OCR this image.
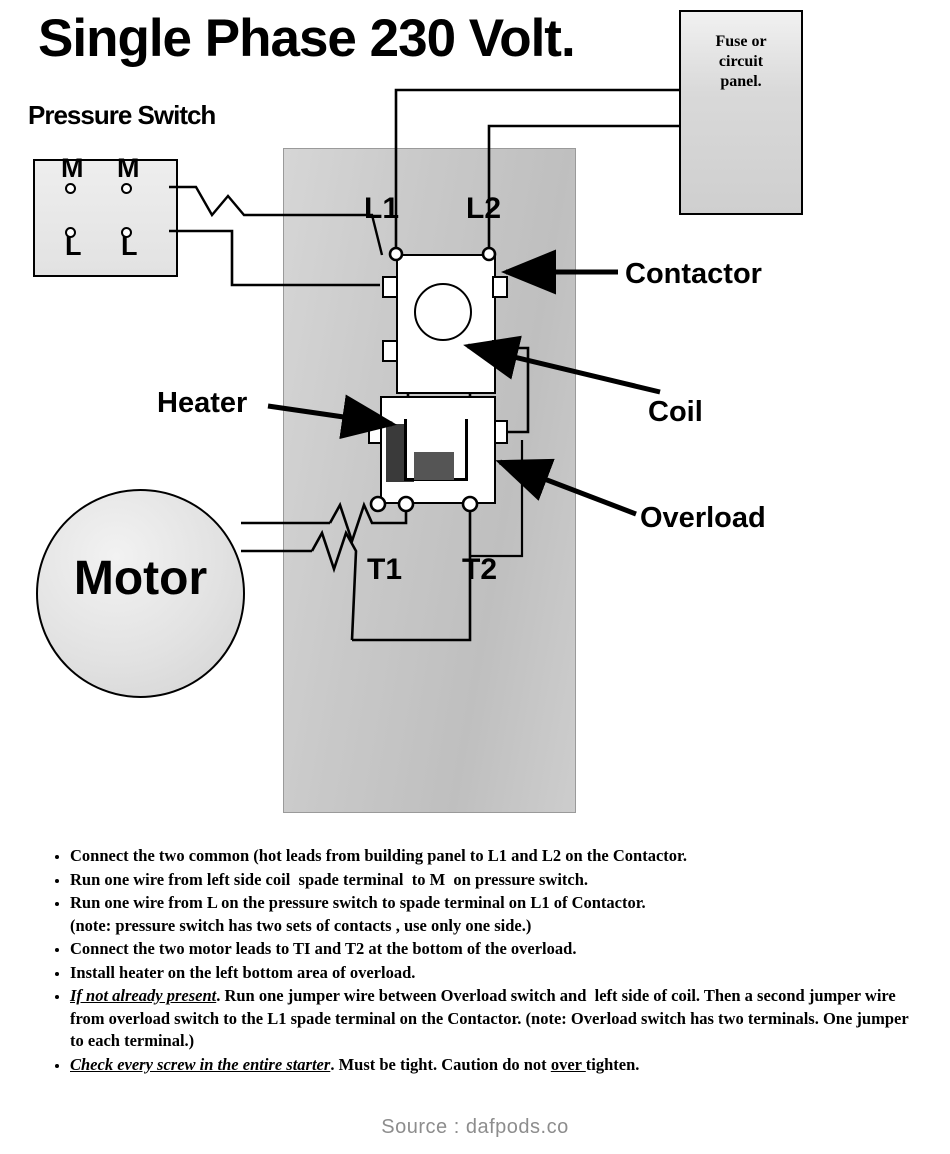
Single Phase 230 Volt.
Pressure Switch
Fuse or
circuit
panel.
M M
L L
Motor
L1 L2
T1 T2
Contactor
Coil
Overload
Heater
• Connect the two common (hot leads from building panel to L1 and L2 on the Contactor.
• Run one wire from left side coil  spade terminal  to M  on pressure switch.
• Run one wire from L on the pressure switch to spade terminal on L1 of Contactor.
(note: pressure switch has two sets of contacts , use only one side.)
• Connect the two motor leads to TI and T2 at the bottom of the overload.
• Install heater on the left bottom area of overload.
• If not already present. Run one jumper wire between Overload switch and  left side of coil. Then a second jumper wire from overload switch to the L1 spade terminal on the Contactor. (note: Overload switch has two terminals. One jumper to each terminal.)
• Check every screw in the entire starter. Must be tight. Caution do not over tighten.
Source : dafpods.co
